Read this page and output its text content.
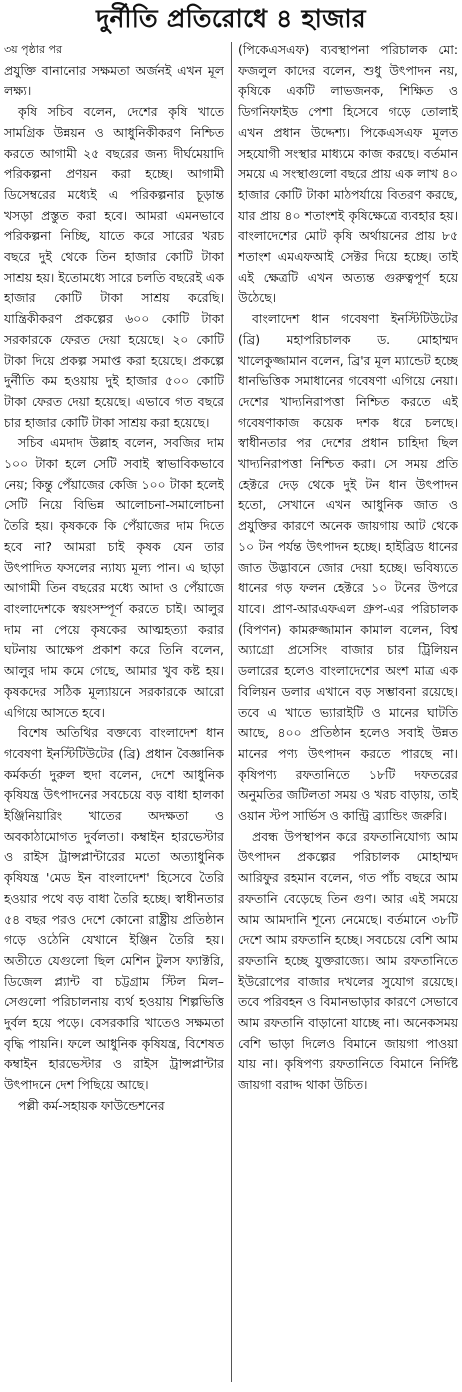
দুর্নীতি প্রতিরোধে ৪ হাজার

৩য় পৃষ্ঠার পর

প্রযুক্তি বানানোর সক্ষমতা অর্জনই এখন মূল লক্ষ্য।

কৃষি সচিব বলেন, দেশের কৃষি খাতে সামগ্রিক উন্নয়ন ও আধুনিকীকরণ নিশ্চিত করতে আগামী ২৫ বছরের জন্য দীর্ঘমেয়াদি পরিকল্পনা প্রণয়ন করা হচ্ছে। আগামী ডিসেম্বরের মধ্যেই এ পরিকল্পনার চূড়ান্ত খসড়া প্রস্তুত করা হবে। আমরা এমনভাবে পরিকল্পনা নিচ্ছি, যাতে করে সারের খরচ বছরে দুই থেকে তিন হাজার কোটি টাকা সাশ্রয় হয়। ইতোমধ্যে সারে চলতি বছরেই এক হাজার কোটি টাকা সাশ্রয় করেছি। যান্ত্রিকীকরণ প্রকল্পের ৬০০ কোটি টাকা সরকারকে ফেরত দেয়া হয়েছে। ২০ কোটি টাকা দিয়ে প্রকল্প সমাপ্ত করা হয়েছে। প্রকল্পে দুর্নীতি কম হওয়ায় দুই হাজার ৫০০ কোটি টাকা ফেরত দেয়া হয়েছে। এভাবে গত বছরে চার হাজার কোটি টাকা সাশ্রয় করা হয়েছে।

সচিব এমদাদ উল্লাহ বলেন, সবজির দাম ১০০ টাকা হলে সেটি সবাই স্বাভাবিকভাবে নেয়; কিন্তু পেঁয়াজের কেজি ১০০ টাকা হলেই সেটি নিয়ে বিভিন্ন আলোচনা-সমালোচনা তৈরি হয়। কৃষককে কি পেঁয়াজের দাম দিতে হবে না? আমরা চাই কৃষক যেন তার উৎপাদিত ফসলের ন্যায্য মূল্য পান। এ ছাড়া আগামী তিন বছরের মধ্যে আদা ও পেঁয়াজে বাংলাদেশকে স্বয়ংসম্পূর্ণ করতে চাই। আলুর দাম না পেয়ে কৃষকের আত্মহত্যা করার ঘটনায় আক্ষেপ প্রকাশ করে তিনি বলেন, আলুর দাম কমে গেছে, আমার খুব কষ্ট হয়। কৃষকদের সঠিক মূল্যায়নে সরকারকে আরো এগিয়ে আসতে হবে।

বিশেষ অতিথির বক্তব্যে বাংলাদেশ ধান গবেষণা ইনস্টিটিউটের (ব্রি) প্রধান বৈজ্ঞানিক কর্মকর্তা দুরুল হুদা বলেন, দেশে আধুনিক কৃষিযন্ত্র উৎপাদনের সবচেয়ে বড় বাধা হালকা ইঞ্জিনিয়ারিং খাতের অদক্ষতা ও অবকাঠামোগত দুর্বলতা। কম্বাইন হারভেস্টার ও রাইস ট্রান্সপ্লান্টারের মতো অত্যাধুনিক কৃষিযন্ত্র 'মেড ইন বাংলাদেশ' হিসেবে তৈরি হওয়ার পথে বড় বাধা তৈরি হচ্ছে। স্বাধীনতার ৫৪ বছর পরও দেশে কোনো রাষ্ট্রীয় প্রতিষ্ঠান গড়ে ওঠেনি যেখানে ইঞ্জিন তৈরি হয়। অতীতে যেগুলো ছিল মেশিন টুলস ফ্যাক্টরি, ডিজেল প্ল্যান্ট বা চট্টগ্রাম স্টিল মিল– সেগুলো পরিচালনায় ব্যর্থ হওয়ায় শিল্পভিত্তি দুর্বল হয়ে পড়ে। বেসরকারি খাতেও সক্ষমতা বৃদ্ধি পায়নি। ফলে আধুনিক কৃষিযন্ত্র, বিশেষত কম্বাইন হারভেস্টার ও রাইস ট্রান্সপ্লান্টার উৎপাদনে দেশ পিছিয়ে আছে।

পল্লী কর্ম-সহায়ক ফাউন্ডেশনের

(পিকেএসএফ) ব্যবস্থাপনা পরিচালক মো: ফজলুল কাদের বলেন, শুধু উৎপাদন নয়, কৃষিকে একটি লাভজনক, শিক্ষিত ও ডিগনিফাইড পেশা হিসেবে গড়ে তোলাই এখন প্রধান উদ্দেশ্য। পিকেএসএফ মূলত সহযোগী সংস্থার মাধ্যমে কাজ করছে। বর্তমান সময়ে এ সংস্থাগুলো বছরে প্রায় এক লাখ ৪০ হাজার কোটি টাকা মাঠপর্যায়ে বিতরণ করছে, যার প্রায় ৪০ শতাংশই কৃষিক্ষেত্রে ব্যবহার হয়। বাংলাদেশের মোট কৃষি অর্থায়নের প্রায় ৮৫ শতাংশ এমএফআই সেক্টর দিয়ে হচ্ছে। তাই এই ক্ষেত্রটি এখন অত্যন্ত গুরুত্বপূর্ণ হয়ে উঠেছে।

বাংলাদেশ ধান গবেষণা ইনস্টিটিউটের (ব্রি) মহাপরিচালক ড. মোহাম্মদ খালেকুজ্জামান বলেন, ব্রি'র মূল ম্যান্ডেট হচ্ছে ধানভিত্তিক সমাধানের গবেষণা এগিয়ে নেয়া। দেশের খাদ্যনিরাপত্তা নিশ্চিত করতে এই গবেষণাকাজ কয়েক দশক ধরে চলছে। স্বাধীনতার পর দেশের প্রধান চাহিদা ছিল খাদ্যনিরাপত্তা নিশ্চিত করা। সে সময় প্রতি হেক্টরে দেড় থেকে দুই টন ধান উৎপাদন হতো, সেখানে এখন আধুনিক জাত ও প্রযুক্তির কারণে অনেক জায়গায় আট থেকে ১০ টন পর্যন্ত উৎপাদন হচ্ছে। হাইব্রিড ধানের জাত উদ্ভাবনে জোর দেয়া হচ্ছে। ভবিষ্যতে ধানের গড় ফলন হেক্টরে ১০ টনের উপরে যাবে। প্রাণ-আরএফএল গ্রুপ-এর পরিচালক (বিপণন) কামরুজ্জামান কামাল বলেন, বিশ্ব অ্যাগ্রো প্রসেসিং বাজার চার ট্রিলিয়ন ডলারের হলেও বাংলাদেশের অংশ মাত্র এক বিলিয়ন ডলার এখানে বড় সম্ভাবনা রয়েছে। তবে এ খাতে ভ্যারাইটি ও মানের ঘাটতি আছে, ৪০০ প্রতিষ্ঠান হলেও সবাই উন্নত মানের পণ্য উৎপাদন করতে পারছে না। কৃষিপণ্য রফতানিতে ১৮টি দফতরের অনুমতির জটিলতা সময় ও খরচ বাড়ায়, তাই ওয়ান স্টপ সার্ভিস ও কান্ট্রি ব্র্যান্ডিং জরুরি।

প্রবন্ধ উপস্থাপন করে রফতানিযোগ্য আম উৎপাদন প্রকল্পের পরিচালক মোহাম্মদ আরিফুর রহমান বলেন, গত পাঁচ বছরে আম রফতানি বেড়েছে তিন গুণ। আর এই সময়ে আম আমদানি শূন্যে নেমেছে। বর্তমানে ৩৮টি দেশে আম রফতানি হচ্ছে। সবচেয়ে বেশি আম রফতানি হচ্ছে যুক্তরাজ্যে। আম রফতানিতে ইউরোপের বাজার দখলের সুযোগ রয়েছে। তবে পরিবহন ও বিমানভাড়ার কারণে সেভাবে আম রফতানি বাড়ানো যাচ্ছে না। অনেকসময় বেশি ভাড়া দিলেও বিমানে জায়গা পাওয়া যায় না। কৃষিপণ্য রফতানিতে বিমানে নির্দিষ্ট জায়গা বরাদ্দ থাকা উচিত।
